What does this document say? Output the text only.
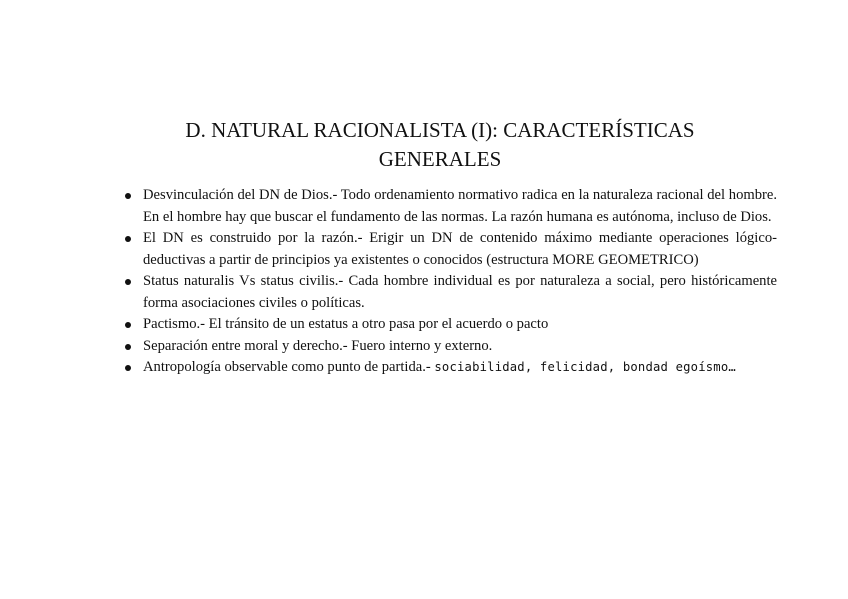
D. NATURAL RACIONALISTA (I): CARACTERÍSTICAS
GENERALES
Desvinculación del DN de Dios.- Todo ordenamiento normativo radica en la naturaleza racional del hombre. En el hombre hay que buscar el fundamento de las normas. La razón humana es autónoma, incluso de Dios.
El DN es construido por la razón.- Erigir un DN de contenido máximo mediante operaciones lógico-deductivas a partir de principios ya existentes o conocidos (estructura MORE GEOMETRICO)
Status naturalis Vs status civilis.- Cada hombre individual es por naturaleza a social, pero históricamente forma asociaciones civiles o políticas.
Pactismo.- El tránsito de un estatus a otro pasa por el acuerdo o pacto
Separación entre moral y derecho.- Fuero interno y externo.
Antropología observable como punto de partida.- sociabilidad, felicidad, bondad egoísmo…
